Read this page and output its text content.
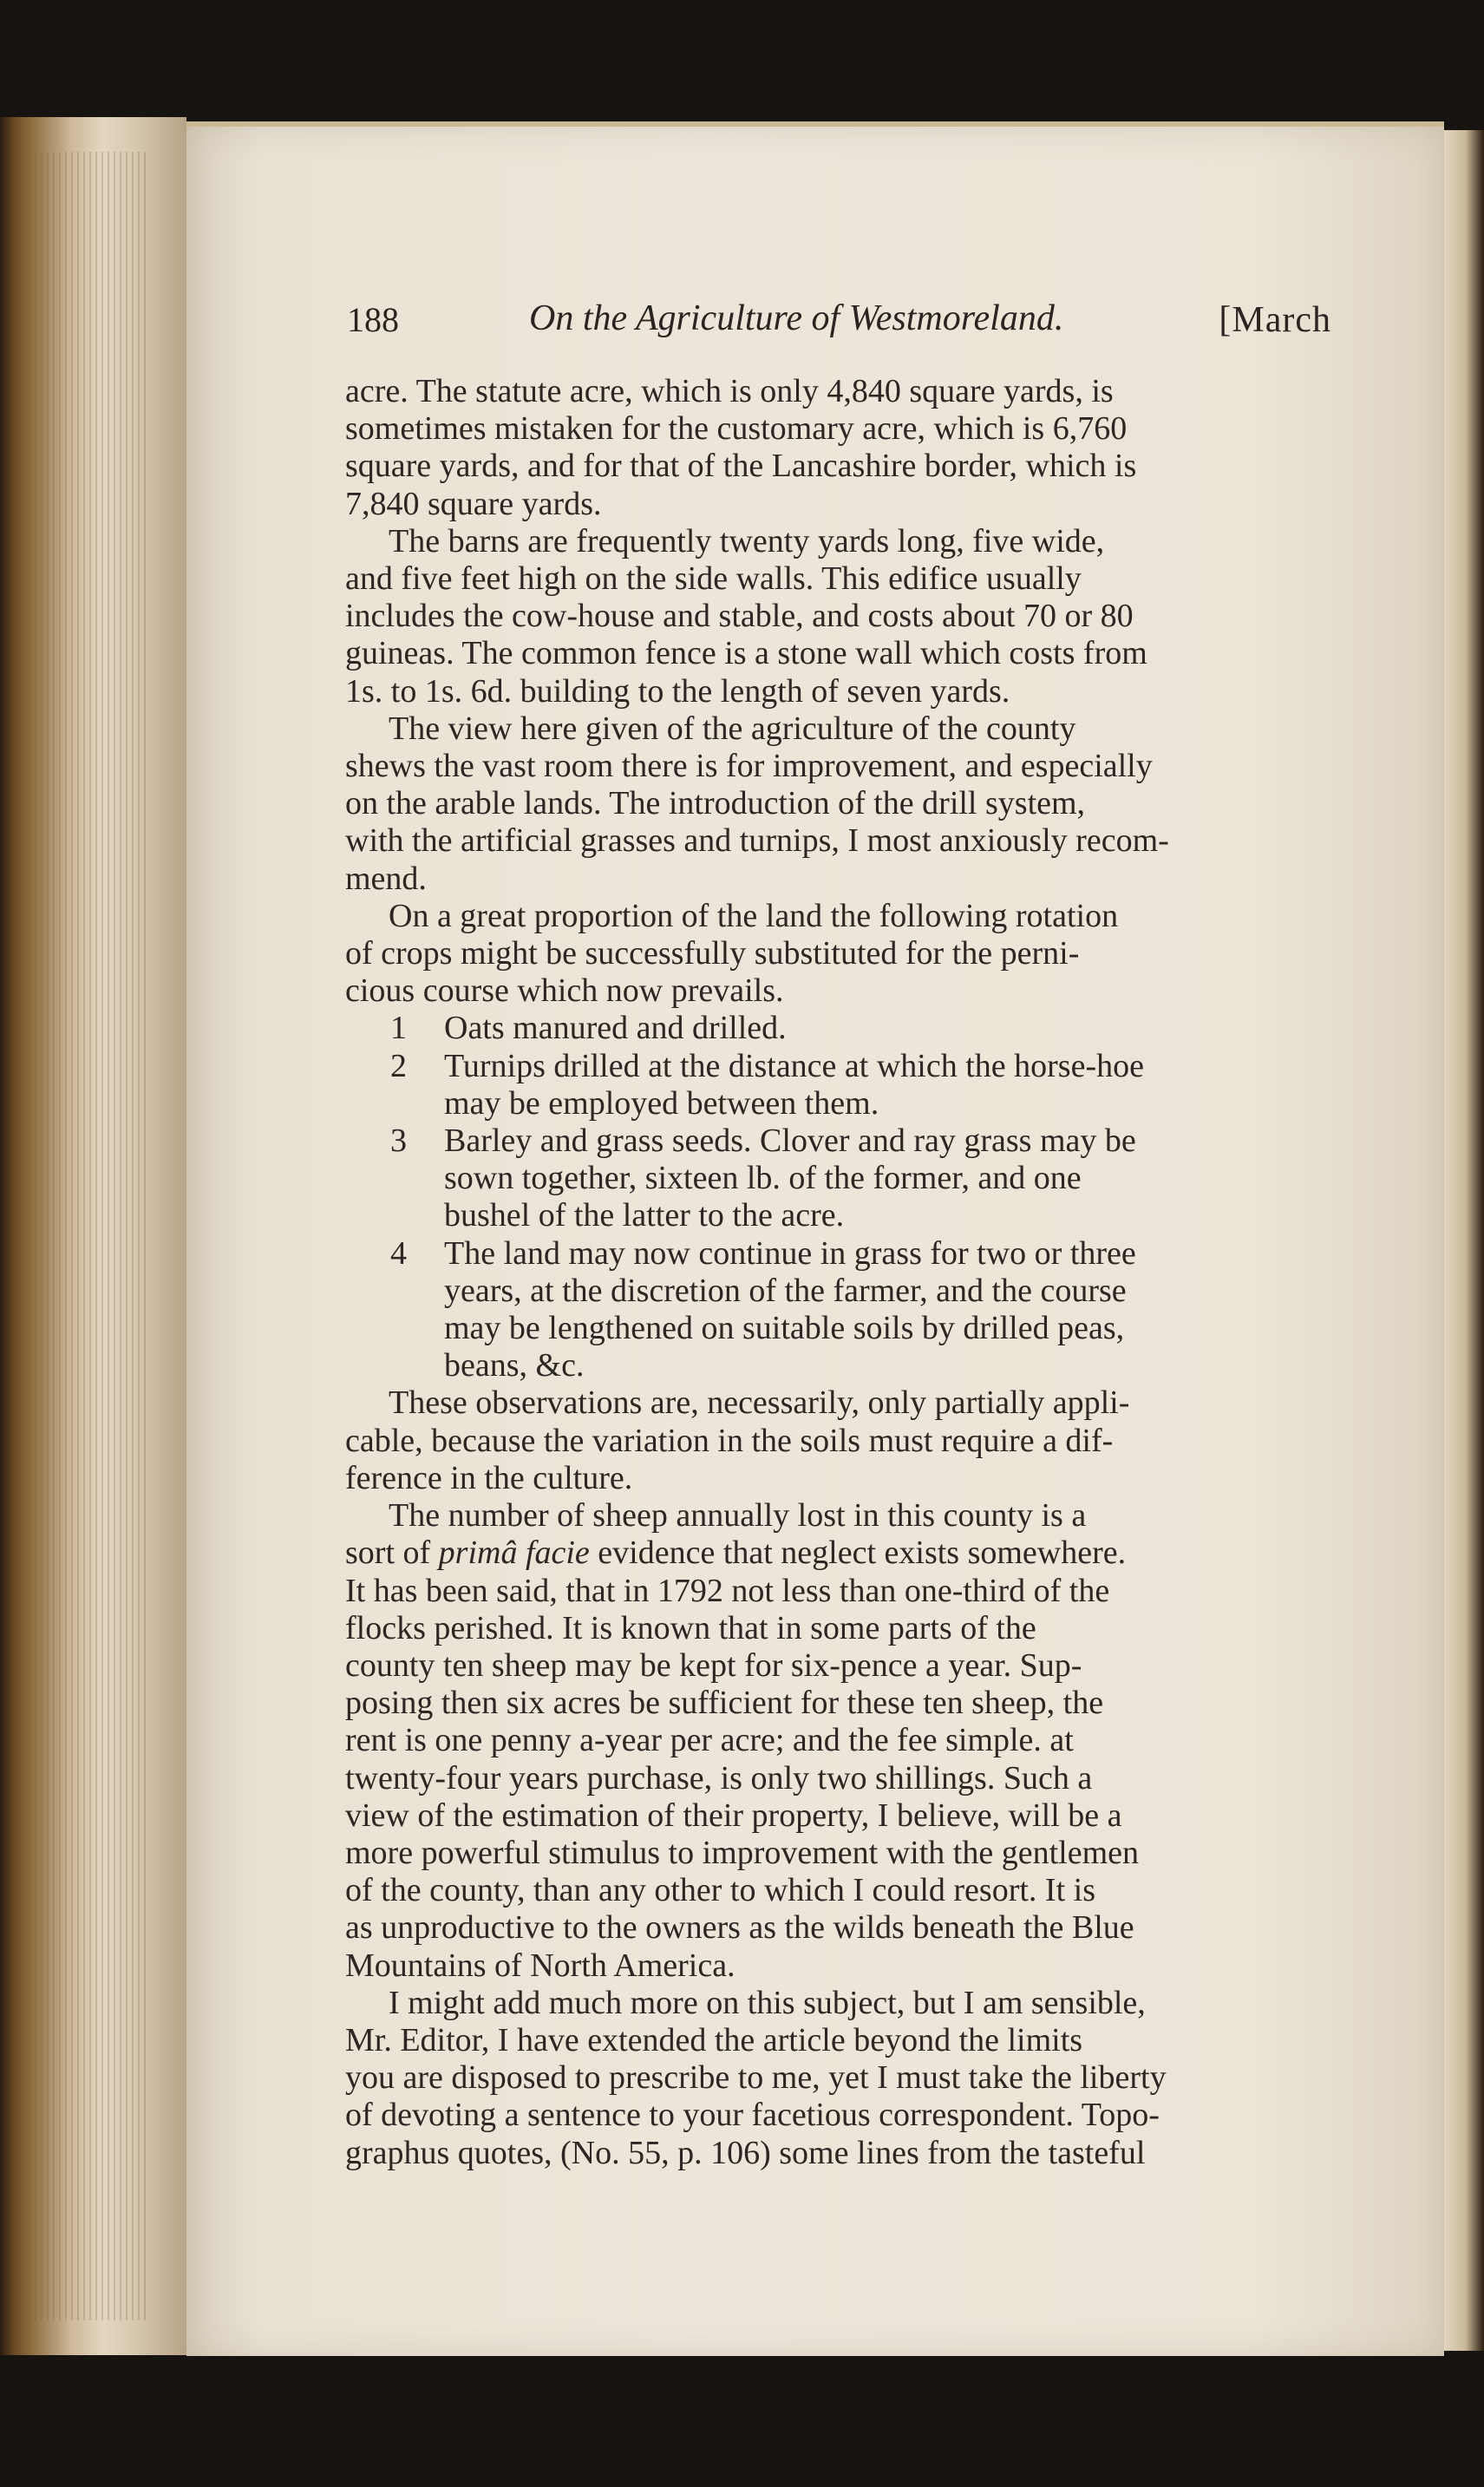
188	On the Agriculture of Westmoreland.	[March

acre. The statute acre, which is only 4,840 square yards, is
sometimes mistaken for the customary acre, which is 6,760
square yards, and for that of the Lancashire border, which is
7,840 square yards.

The barns are frequently twenty yards long, five wide,

and five feet high on the side walls. This edifice usually
includes the cow-house and stable, and costs about 70 or 80
guineas. The common fence is a stone wall which costs from
1s. to 1s. 6d. building to the length of seven yards.

The view here given of the agriculture of the county

shews the vast room there is for improvement, and especially
on the arable lands. The introduction of the drill system,
with the artificial grasses and turnips, I most anxiously recom-
mend.

On a great proportion of the land the following rotation

of crops might be successfully substituted for the perni-
cious course which now prevails.

1	Oats manured and drilled.
2	Turnips drilled at the distance at which the horse-hoe
may be employed between them.
3	Barley and grass seeds. Clover and ray grass may be
sown together, sixteen lb. of the former, and one
bushel of the latter to the acre.
4	The land may now continue in grass for two or three
years, at the discretion of the farmer, and the course
may be lengthened on suitable soils by drilled peas,
beans, &c.

These observations are, necessarily, only partially appli-

cable, because the variation in the soils must require a dif-
ference in the culture.

The number of sheep annually lost in this county is a

sort of primâ facie evidence that neglect exists somewhere.
It has been said, that in 1792 not less than one-third of the
flocks perished. It is known that in some parts of the
county ten sheep may be kept for six-pence a year. Sup-
posing then six acres be sufficient for these ten sheep, the
rent is one penny a-year per acre; and the fee simple. at
twenty-four years purchase, is only two shillings. Such a
view of the estimation of their property, I believe, will be a
more powerful stimulus to improvement with the gentlemen
of the county, than any other to which I could resort. It is
as unproductive to the owners as the wilds beneath the Blue
Mountains of North America.

I might add much more on this subject, but I am sensible,

Mr. Editor, I have extended the article beyond the limits
you are disposed to prescribe to me, yet I must take the liberty
of devoting a sentence to your facetious correspondent. Topo-
graphus quotes, (No. 55, p. 106) some lines from the tasteful
